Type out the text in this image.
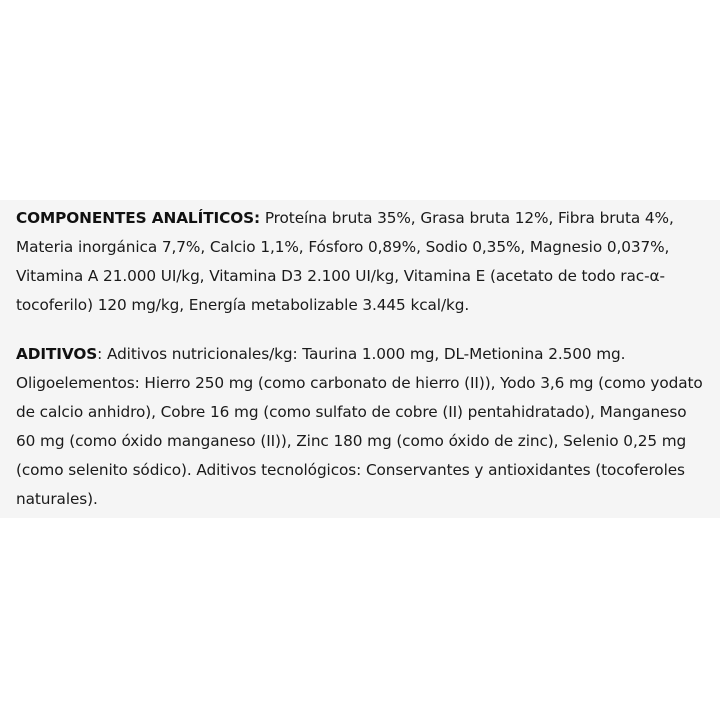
COMPONENTES ANALÍTICOS: Proteína bruta 35%, Grasa bruta 12%, Fibra bruta 4%, Materia inorgánica 7,7%, Calcio 1,1%, Fósforo 0,89%, Sodio 0,35%, Magnesio 0,037%, Vitamina A 21.000 UI/kg, Vitamina D3 2.100 UI/kg, Vitamina E (acetato de todo rac-α-tocoferilo) 120 mg/kg, Energía metabolizable 3.445 kcal/kg.

ADITIVOS: Aditivos nutricionales/kg: Taurina 1.000 mg, DL-Metionina 2.500 mg. Oligoelementos: Hierro 250 mg (como carbonato de hierro (II)), Yodo 3,6 mg (como yodato de calcio anhidro), Cobre 16 mg (como sulfato de cobre (II) pentahidratado), Manganeso 60 mg (como óxido manganeso (II)), Zinc 180 mg (como óxido de zinc), Selenio 0,25 mg (como selenito sódico). Aditivos tecnológicos: Conservantes y antioxidantes (tocoferoles naturales).
